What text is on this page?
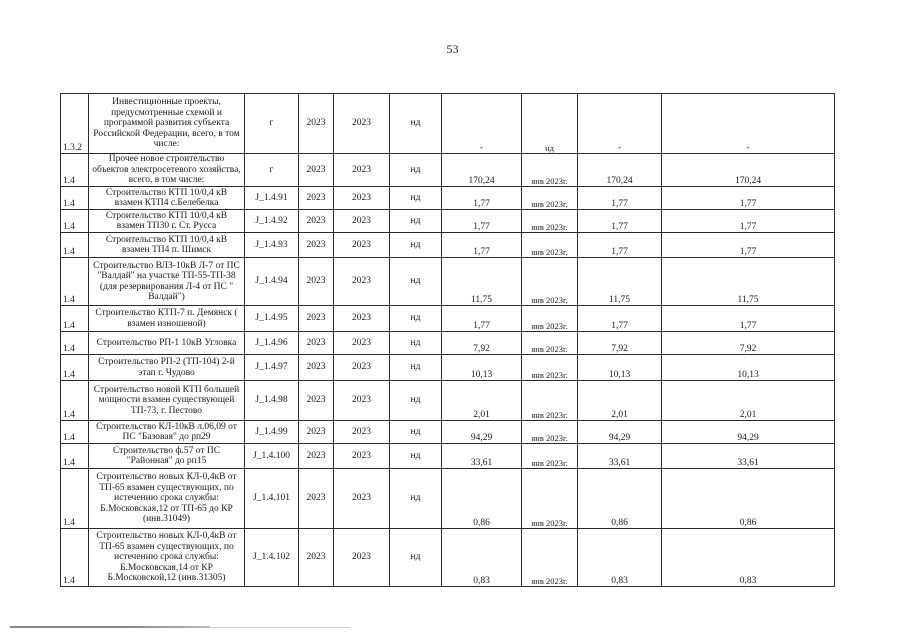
53
1.3.2	Инвестиционные проекты, предусмотренные схемой и программой развития субъекта Российской Федерации, всего, в том числе:	г	2023	2023	нд	-	нд	-	-
1.4	Прочее новое строительство объектов электросетевого хозяйства, всего, в том числе:	г	2023	2023	нд	170,24	янв 2023г.	170,24	170,24
1.4	Строительство КТП 10/0,4 кВ взамен КТП4 с.Белебелка	J_1.4.91	2023	2023	нд	1,77	янв 2023г.	1,77	1,77
1.4	Строительство КТП 10/0,4 кВ взамен ТП30 г. Ст. Русса	J_1.4.92	2023	2023	нд	1,77	янв 2023г.	1,77	1,77
1.4	Строительство КТП 10/0,4 кВ взамен ТП4 п. Шимск	J_1.4.93	2023	2023	нд	1,77	янв 2023г.	1,77	1,77
1.4	Строительство ВЛЗ-10кВ Л-7 от ПС "Валдай" на участке ТП-55-ТП-38 (для резервирования Л-4 от ПС " Валдай")	J_1.4.94	2023	2023	нд	11,75	янв 2023г.	11,75	11,75
1.4	Строительство КТП-7 п. Демянск ( взамен изношеной)	J_1.4.95	2023	2023	нд	1,77	янв 2023г.	1,77	1,77
1.4	Строительство РП-1 10кВ Угловка	J_1.4.96	2023	2023	нд	7,92	янв 2023г.	7,92	7,92
1.4	Строительство РП-2 (ТП-104) 2-й этап г. Чудово	J_1.4.97	2023	2023	нд	10,13	янв 2023г.	10,13	10,13
1.4	Строительство новой КТП большей мощности взамен существующей ТП-73, г. Пестово	J_1.4.98	2023	2023	нд	2,01	янв 2023г.	2,01	2,01
1.4	Строительство КЛ-10кВ л.06,09 от ПС "Базовая" до рп29	J_1.4.99	2023	2023	нд	94,29	янв 2023г.	94,29	94,29
1.4	Строительство ф.57 от ПС "Районная" до рп15	J_1.4.100	2023	2023	нд	33,61	янв 2023г.	33,61	33,61
1.4	Строительство новых КЛ-0,4кВ от ТП-65 взамен существующих, по истечению срока службы: Б.Московская,12 от ТП-65 до КР (инв.31049)	J_1.4.101	2023	2023	нд	0,86	янв 2023г.	0,86	0,86
1.4	Строительство новых КЛ-0,4кВ от ТП-65 взамен существующих, по истечению срока службы: Б.Московская,14 от КР Б.Московской,12 (инв.31305)	J_1.4.102	2023	2023	нд	0,83	янв 2023г.	0,83	0,83
